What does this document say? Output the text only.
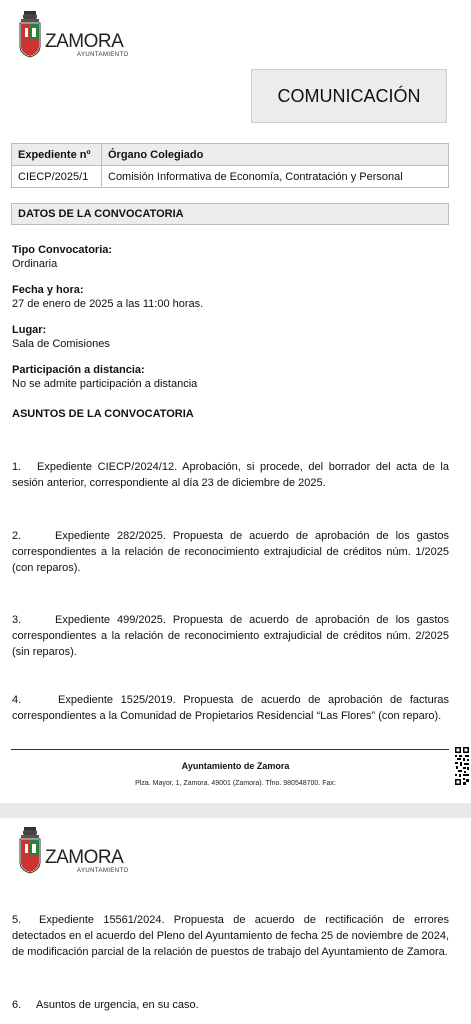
ZAMORA
AYUNTAMIENTO
COMUNICACIÓN
Expediente nº	Órgano Colegiado
CIECP/2025/1	Comisión Informativa de Economía, Contratación y Personal
DATOS DE LA CONVOCATORIA
Tipo Convocatoria:
Ordinaria
Fecha y hora:
27 de enero de 2025 a las 11:00 horas.
Lugar:
Sala de Comisiones
Participación a distancia:
No se admite participación a distancia
ASUNTOS DE LA CONVOCATORIA
1. Expediente CIECP/2024/12. Aprobación, si procede, del borrador del acta de la sesión anterior, correspondiente al día 23 de diciembre de 2025.
2.	Expediente 282/2025. Propuesta de acuerdo de aprobación de los gastos correspondientes a la relación de reconocimiento extrajudicial de créditos núm. 1/2025 (con reparos).
3.	Expediente 499/2025. Propuesta de acuerdo de aprobación de los gastos correspondientes a la relación de reconocimiento extrajudicial de créditos núm. 2/2025 (sin reparos).
4.	Expediente 1525/2019. Propuesta de acuerdo de aprobación de facturas correspondientes a la Comunidad de Propietarios Residencial “Las Flores” (con reparo).
Ayuntamiento de Zamora
Plza. Mayor, 1, Zamora. 49001 (Zamora). Tfno. 980548700. Fax:
ZAMORA
AYUNTAMIENTO
5. Expediente 15561/2024. Propuesta de acuerdo de rectificación de errores detectados en el acuerdo del Pleno del Ayuntamiento de fecha 25 de noviembre de 2024, de modificación parcial de la relación de puestos de trabajo del Ayuntamiento de Zamora.
6. Asuntos de urgencia, en su caso.
